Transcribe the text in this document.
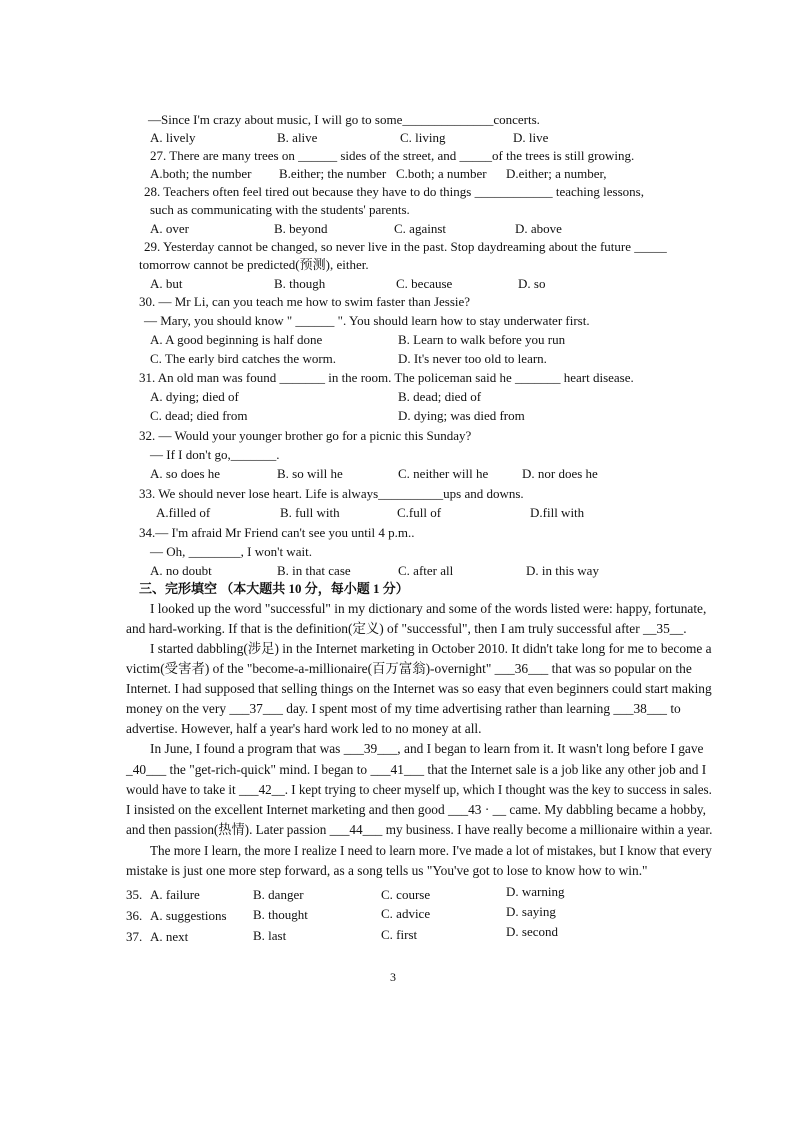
—Since I'm crazy about music, I will go to some______________concerts.
A. lively	B. alive	C. living	D. live
27. There are many trees on ______ sides of the street, and _____of the trees is still growing.
A.both; the number B.either; the number C.both; a number D.either; a number,
28. Teachers often feel tired out because they have to do things ____________ teaching lessons,
such as communicating with the students' parents.
A. over	B. beyond	C. against	D. above
29. Yesterday cannot be changed, so never live in the past. Stop daydreaming about the future _____
tomorrow cannot be predicted(预测), either.
A. but	B. though	C. because	D. so
30. — Mr Li, can you teach me how to swim faster than Jessie?
— Mary, you should know " ______ ". You should learn how to stay underwater first.
A. A good beginning is half done	B. Learn to walk before you run
C. The early bird catches the worm.	D. It's never too old to learn.
31. An old man was found _______ in the room. The policeman said he _______ heart disease.
A. dying; died of	B. dead; died of
C. dead; died from	D. dying; was died from
32. — Would your younger brother go for a picnic this Sunday?
— If I don't go,_______.
A. so does he	B. so will he	C. neither will he	D. nor does he
33. We should never lose heart. Life is always__________ups and downs.
A.filled of	B. full with	C.full of	D.fill with
34.— I'm afraid Mr Friend can't see you until 4 p.m..
— Oh, ________, I won't wait.
A. no doubt	B. in that case	C. after all	D. in this way
三、完形填空 （本大题共 10 分，每小题 1 分）
I looked up the word "successful" in my dictionary and some of the words listed were: happy, fortunate,
and hard-working. If that is the definition(定义) of "successful", then I am truly successful after __35__.
I started dabbling(涉足) in the Internet marketing in October 2010. It didn't take long for me to become a
victim(受害者) of the "become-a-millionaire(百万富翁)-overnight" ___36___ that was so popular on the
Internet. I had supposed that selling things on the Internet was so easy that even beginners could start making
money on the very ___37___ day. I spent most of my time advertising rather than learning ___38___ to
advertise. However, half a year's hard work led to no money at all.
In June, I found a program that was ___39___, and I began to learn from it. It wasn't long before I gave
_40___ the "get-rich-quick" mind. I began to ___41___ that the Internet sale is a job like any other job and I
would have to take it ___42__. I kept trying to cheer myself up, which I thought was the key to success in sales.
I insisted on the excellent Internet marketing and then good ___43 · __ came. My dabbling became a hobby,
and then passion(热情). Later passion ___44___ my business. I have really become a millionaire within a year.
The more I learn, the more I realize I need to learn more. I've made a lot of mistakes, but I know that every
mistake is just one more step forward, as a song tells us "You've got to lose to know how to win."
35. A. failure	B. danger	C. course	D. warning
36. A. suggestions B. thought	C. advice	D. saying
37. A. next	B. last	C. first	D. second
3
